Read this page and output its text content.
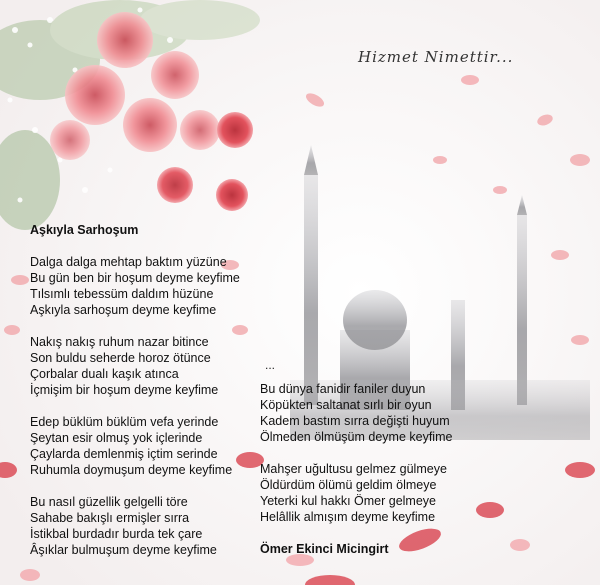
Hizmet Nimettir...
Aşkıyla Sarhoşum
Dalga dalga mehtap baktım yüzüne
Bu gün ben bir hoşum deyme keyfime
Tılsımlı tebessüm daldım hüzüne
Aşkıyla sarhoşum deyme keyfime
Nakış nakış ruhum nazar bitince
Son buldu seherde horoz ötünce
Çorbalar dualı kaşık atınca
İçmişim bir hoşum deyme keyfime
Edep büklüm büklüm vefa yerinde
Şeytan esir olmuş yok içlerinde
Çaylarda demlenmiş içtim serinde
Ruhumla doymuşum deyme keyfime
Bu nasıl güzellik gelgelli töre
Sahabe bakışlı ermişler sırra
İstikbal burdadır burda tek çare
Âşıklar bulmuşum deyme keyfime
...
Bu dünya fanidir faniler duyun
Köpükten saltanat sırlı bir oyun
Kadem bastım sırra değişti huyum
Ölmeden ölmüşüm deyme keyfime
Mahşer uğultusu gelmez gülmeye
Öldürdüm ölümü geldim ölmeye
Yeterki kul hakkı Ömer gelmeye
Helâllik almışım deyme keyfime
Ömer Ekinci Micingirt
